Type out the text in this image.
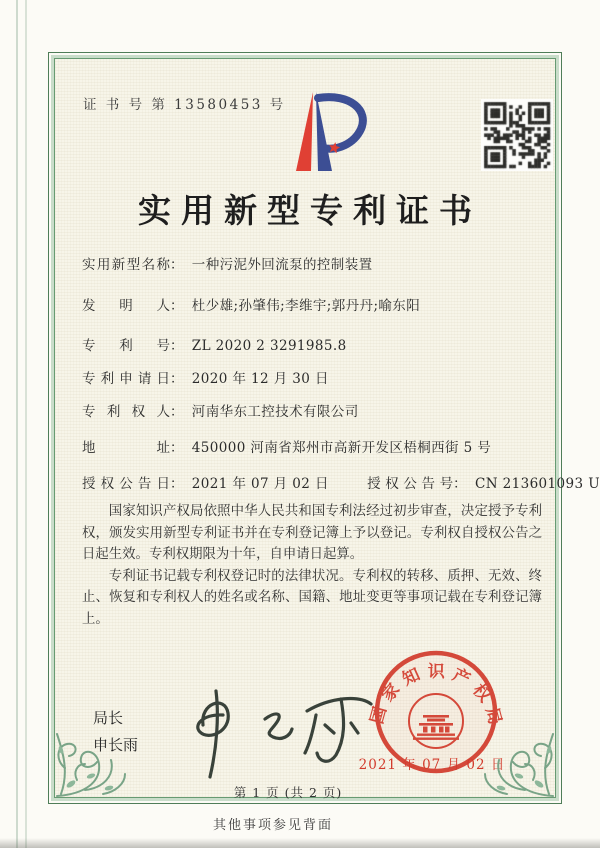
证 书 号 第 13580453 号
实用新型专利证书
实用新型名称： 一种污泥外回流泵的控制装置
发明人： 杜少雄;孙肇伟;李维宇;郭丹丹;喻东阳
专利号： ZL 2020 2 3291985.8
专利申请日： 2020 年 12 月 30 日
专利权人： 河南华东工控技术有限公司
地址： 450000 河南省郑州市高新开发区梧桐西街 5 号
授权公告日： 2021 年 07 月 02 日	授权公告号： CN 213601093 U

国家知识产权局依照中华人民共和国专利法经过初步审查，决定授予专利权，颁发实用新型专利证书并在专利登记簿上予以登记。专利权自授权公告之日起生效。专利权期限为十年，自申请日起算。

专利证书记载专利权登记时的法律状况。专利权的转移、质押、无效、终止、恢复和专利权人的姓名或名称、国籍、地址变更等事项记载在专利登记簿上。

局长
申长雨
国家知识产权局
2021 年 07 月 02 日
第 1 页 (共 2 页)
其他事项参见背面
